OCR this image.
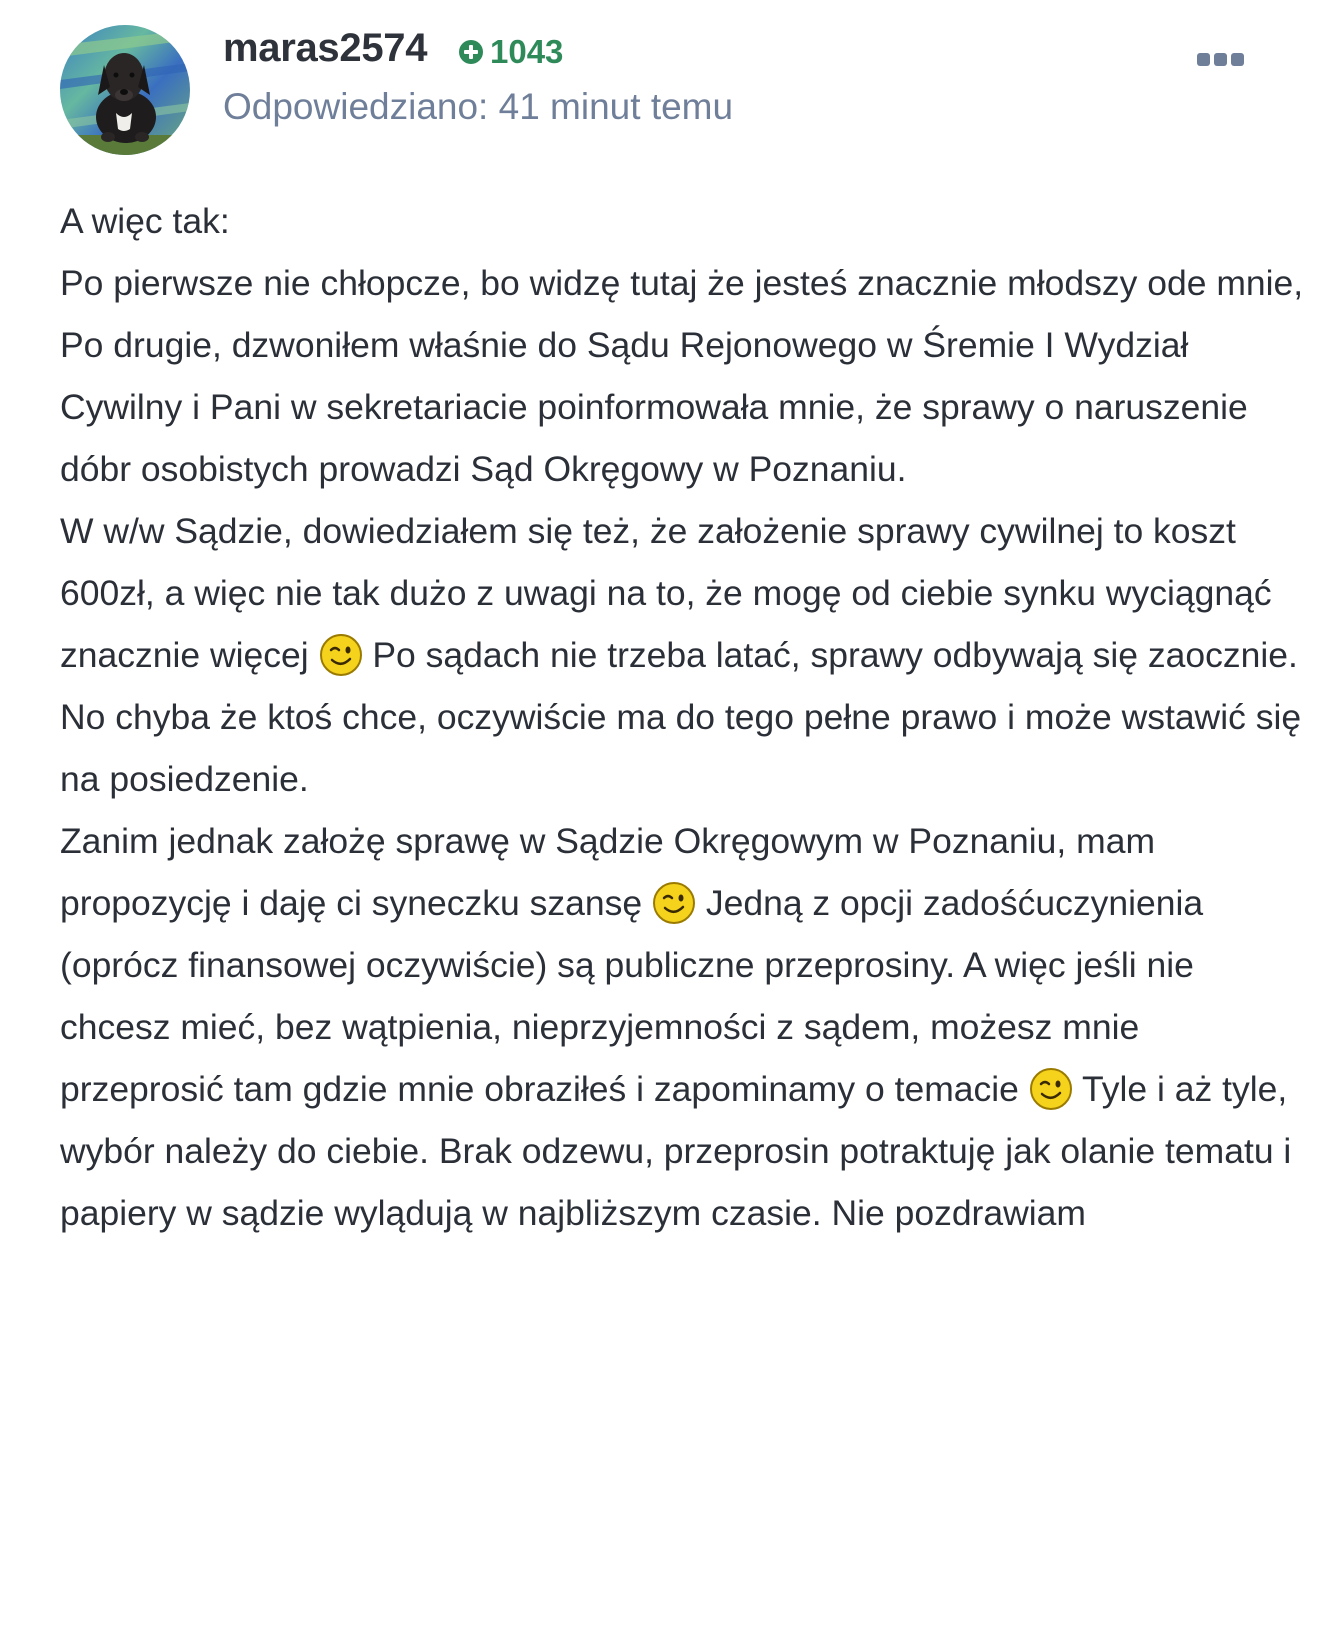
maras2574 1043
Odpowiedziano: 41 minut temu

A więc tak:

Po pierwsze nie chłopcze, bo widzę tutaj że jesteś znacznie młodszy ode mnie,

Po drugie, dzwoniłem właśnie do Sądu Rejonowego w Śremie I Wydział Cywilny i Pani w sekretariacie poinformowała mnie, że sprawy o naruszenie dóbr osobistych prowadzi Sąd Okręgowy w Poznaniu.

W w/w Sądzie, dowiedziałem się też, że założenie sprawy cywilnej to koszt 600zł, a więc nie tak dużo z uwagi na to, że mogę od ciebie synku wyciągnąć znacznie więcej Po sądach nie trzeba latać, sprawy odbywają się zaocznie. No chyba że ktoś chce, oczywiście ma do tego pełne prawo i może wstawić się na posiedzenie.

Zanim jednak założę sprawę w Sądzie Okręgowym w Poznaniu, mam propozycję i daję ci syneczku szansę Jedną z opcji zadośćuczynienia (oprócz finansowej oczywiście) są publiczne przeprosiny. A więc jeśli nie chcesz mieć, bez wątpienia, nieprzyjemności z sądem, możesz mnie przeprosić tam gdzie mnie obraziłeś i zapominamy o temacie Tyle i aż tyle, wybór należy do ciebie. Brak odzewu, przeprosin potraktuję jak olanie tematu i papiery w sądzie wylądują w najbliższym czasie. Nie pozdrawiam
